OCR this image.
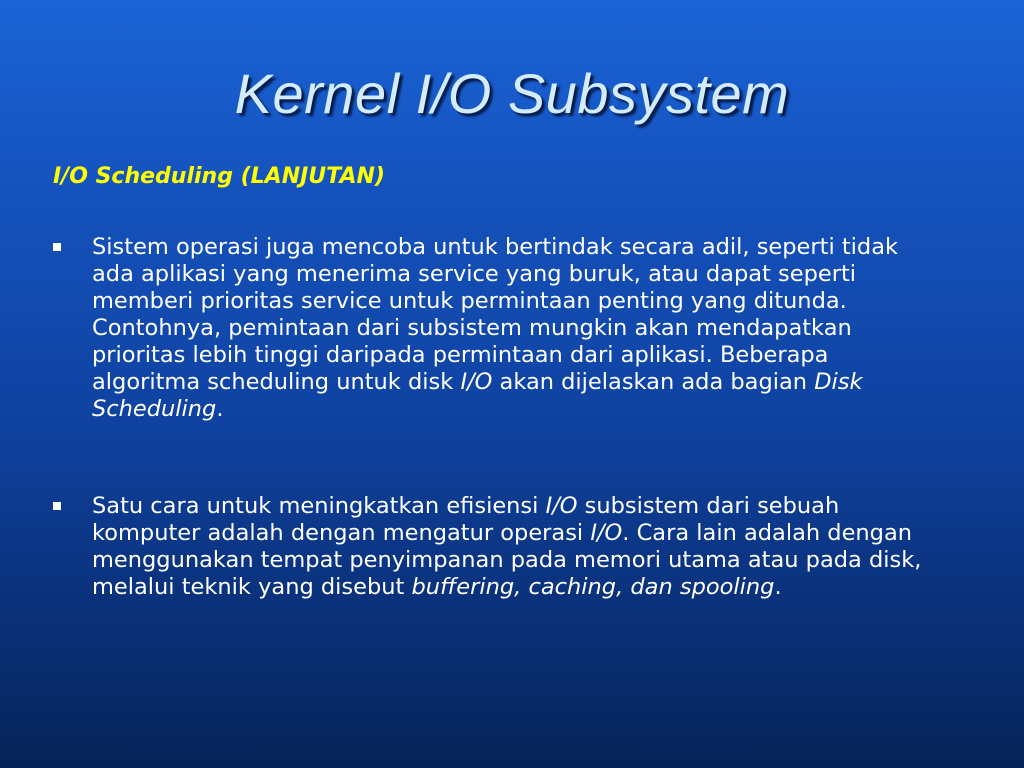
Kernel I/O Subsystem
I/O Scheduling (LANJUTAN)
Sistem operasi juga mencoba untuk bertindak secara adil, seperti tidak ada aplikasi yang menerima service yang buruk, atau dapat seperti memberi prioritas service untuk permintaan penting yang ditunda. Contohnya, pemintaan dari subsistem mungkin akan mendapatkan prioritas lebih tinggi daripada permintaan dari aplikasi. Beberapa algoritma scheduling untuk disk I/O akan dijelaskan ada bagian Disk Scheduling.
Satu cara untuk meningkatkan efisiensi I/O subsistem dari sebuah komputer adalah dengan mengatur operasi I/O. Cara lain adalah dengan menggunakan tempat penyimpanan pada memori utama atau pada disk, melalui teknik yang disebut buffering, caching, dan spooling.
